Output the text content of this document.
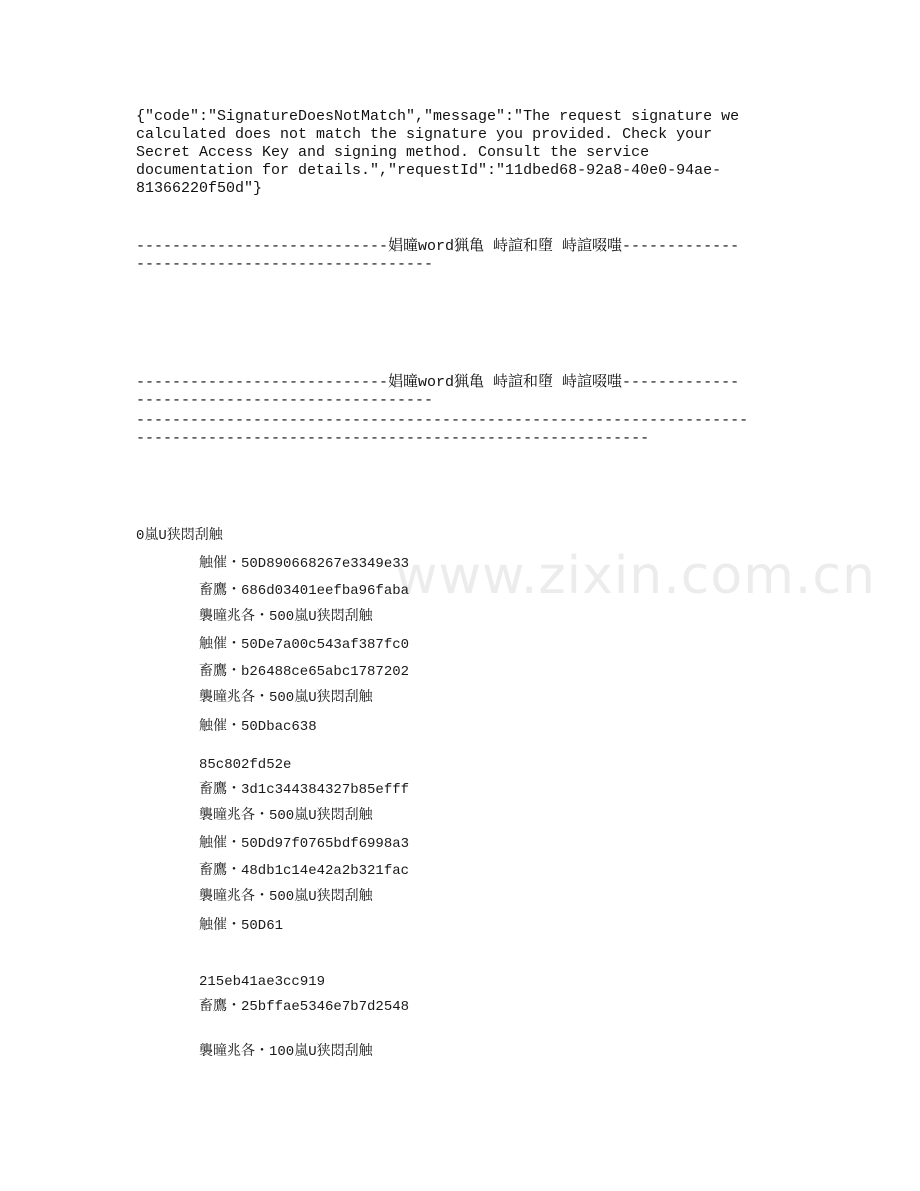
{"code":"SignatureDoesNotMatch","message":"The request signature we
calculated does not match the signature you provided. Check your
Secret Access Key and signing method. Consult the service
documentation for details.","requestId":"11dbed68-92a8-40e0-94ae-
81366220f50d"}
----------------------------娼曈word猟亀 峙諠和墮 峙諠啜嗤-------------
---------------------------------
----------------------------娼曈word猟亀 峙諠和墮 峙諠啜嗤-------------
---------------------------------
--------------------------------------------------------------------
---------------------------------------------------------
www.zixin.com.cn
0嵐U狭悶刮触
触催・50D890668267e3349e33
畜鷹・686d03401eefba96faba
襲曈兆各・500嵐U狭悶刮触
触催・50De7a00c543af387fc0
畜鷹・b26488ce65abc1787202
襲曈兆各・500嵐U狭悶刮触
触催・50Dbac638
85c802fd52e
畜鷹・3d1c344384327b85efff
襲曈兆各・500嵐U狭悶刮触
触催・50Dd97f0765bdf6998a3
畜鷹・48db1c14e42a2b321fac
襲曈兆各・500嵐U狭悶刮触
触催・50D61
215eb41ae3cc919
畜鷹・25bffae5346e7b7d2548
襲曈兆各・100嵐U狭悶刮触
